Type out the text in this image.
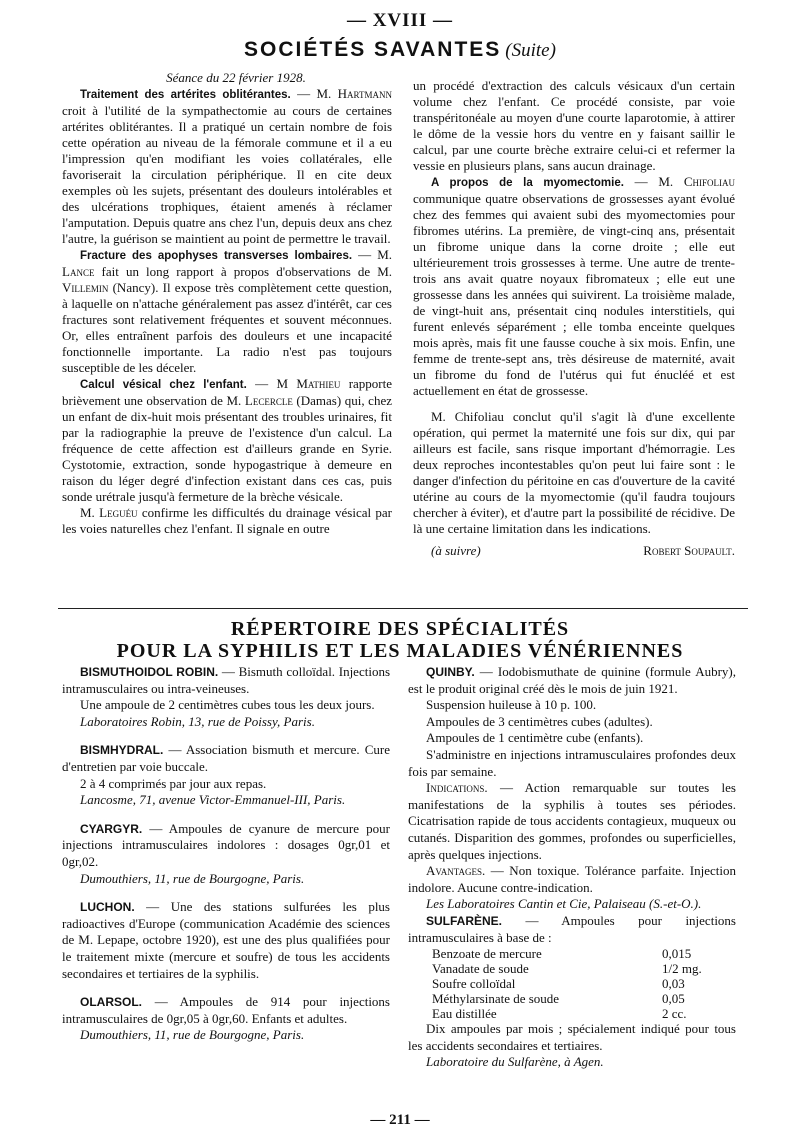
— XVIII —
SOCIÉTÉS SAVANTES (Suite)

Séance du 22 février 1928.

Traitement des artérites oblitérantes. — M. Hartmann croit à l'utilité de la sympathectomie au cours de certaines artérites oblitérantes. Il a pratiqué un certain nombre de fois cette opération au niveau de la fémorale commune et il a eu l'impression qu'en modifiant les voies collatérales, elle favoriserait la circulation périphérique. Il en cite deux exemples où les sujets, présentant des douleurs intolérables et des ulcérations trophiques, étaient amenés à réclamer l'amputation. Depuis quatre ans chez l'un, depuis deux ans chez l'autre, la guérison se maintient au point de permettre le travail.

Fracture des apophyses transverses lombaires. — M. Lance fait un long rapport à propos d'observations de M. Villemin (Nancy). Il expose très complètement cette question, à laquelle on n'attache généralement pas assez d'intérêt, car ces fractures sont relativement fréquentes et souvent méconnues. Or, elles entraînent parfois des douleurs et une incapacité fonctionnelle importante. La radio n'est pas toujours susceptible de les déceler.

Calcul vésical chez l'enfant. — M Mathieu rapporte brièvement une observation de M. Lecercle (Damas) qui, chez un enfant de dix-huit mois présentant des troubles urinaires, fit par la radiographie la preuve de l'existence d'un calcul. La fréquence de cette affection est d'ailleurs grande en Syrie. Cystotomie, extraction, sonde hypogastrique à demeure en raison du léger degré d'infection existant dans ces cas, puis sonde urétrale jusqu'à fermeture de la brèche vésicale.

M. Leguéu confirme les difficultés du drainage vésical par les voies naturelles chez l'enfant. Il signale en outre

un procédé d'extraction des calculs vésicaux d'un certain volume chez l'enfant. Ce procédé consiste, par voie transpéritonéale au moyen d'une courte laparotomie, à attirer le dôme de la vessie hors du ventre en y faisant saillir le calcul, par une courte brèche extraire celui-ci et refermer la vessie en plusieurs plans, sans aucun drainage.

A propos de la myomectomie. — M. Chifoliau communique quatre observations de grossesses ayant évolué chez des femmes qui avaient subi des myomectomies pour fibromes utérins. La première, de vingt-cinq ans, présentait un fibrome unique dans la corne droite ; elle eut ultérieurement trois grossesses à terme. Une autre de trente-trois ans avait quatre noyaux fibromateux ; elle eut une grossesse dans les années qui suivirent. La troisième malade, de vingt-huit ans, présentait cinq nodules interstitiels, qui furent enlevés séparément ; elle tomba enceinte quelques mois après, mais fit une fausse couche à six mois. Enfin, une femme de trente-sept ans, très désireuse de maternité, avait un fibrome du fond de l'utérus qui fut énucléé et est actuellement en état de grossesse.

M. Chifoliau conclut qu'il s'agit là d'une excellente opération, qui permet la maternité une fois sur dix, qui par ailleurs est facile, sans risque important d'hémorragie. Les deux reproches incontestables qu'on peut lui faire sont : le danger d'infection du péritoine en cas d'ouverture de la cavité utérine au cours de la myomectomie (qu'il faudra toujours chercher à éviter), et d'autre part la possibilité de récidive. De là une certaine limitation dans les indications.

(à suivre)	Robert Soupault.

RÉPERTOIRE DES SPÉCIALITÉS
POUR LA SYPHILIS ET LES MALADIES VÉNÉRIENNES

BISMUTHOIDOL ROBIN. — Bismuth colloïdal. Injections intramusculaires ou intra-veineuses.

Une ampoule de 2 centimètres cubes tous les deux jours.

Laboratoires Robin, 13, rue de Poissy, Paris.

BISMHYDRAL. — Association bismuth et mercure. Cure d'entretien par voie buccale.

2 à 4 comprimés par jour aux repas.

Lancosme, 71, avenue Victor-Emmanuel-III, Paris.

CYARGYR. — Ampoules de cyanure de mercure pour injections intramusculaires indolores : dosages 0gr,01 et 0gr,02.

Dumouthiers, 11, rue de Bourgogne, Paris.

LUCHON. — Une des stations sulfurées les plus radioactives d'Europe (communication Académie des sciences de M. Lepape, octobre 1920), est une des plus qualifiées pour le traitement mixte (mercure et soufre) de tous les accidents secondaires et tertiaires de la syphilis.

OLARSOL. — Ampoules de 914 pour injections intramusculaires de 0gr,05 à 0gr,60. Enfants et adultes.

Dumouthiers, 11, rue de Bourgogne, Paris.

QUINBY. — Iodobismuthate de quinine (formule Aubry), est le produit original créé dès le mois de juin 1921.

Suspension huileuse à 10 p. 100.

Ampoules de 3 centimètres cubes (adultes).

Ampoules de 1 centimètre cube (enfants).

S'administre en injections intramusculaires profondes deux fois par semaine.

Indications. — Action remarquable sur toutes les manifestations de la syphilis à toutes ses périodes. Cicatrisation rapide de tous accidents contagieux, muqueux ou cutanés. Disparition des gommes, profondes ou superficielles, après quelques injections.

Avantages. — Non toxique. Tolérance parfaite. Injection indolore. Aucune contre-indication.

Les Laboratoires Cantin et Cie, Palaiseau (S.-et-O.).

SULFARÈNE. — Ampoules pour injections intramusculaires à base de :

Benzoate de mercure	0,015
Vanadate de soude	1/2 mg.
Soufre colloïdal	0,03
Méthylarsinate de soude	0,05
Eau distillée	2 cc.

Dix ampoules par mois ; spécialement indiqué pour tous les accidents secondaires et tertiaires.

Laboratoire du Sulfarène, à Agen.

— 211 —
